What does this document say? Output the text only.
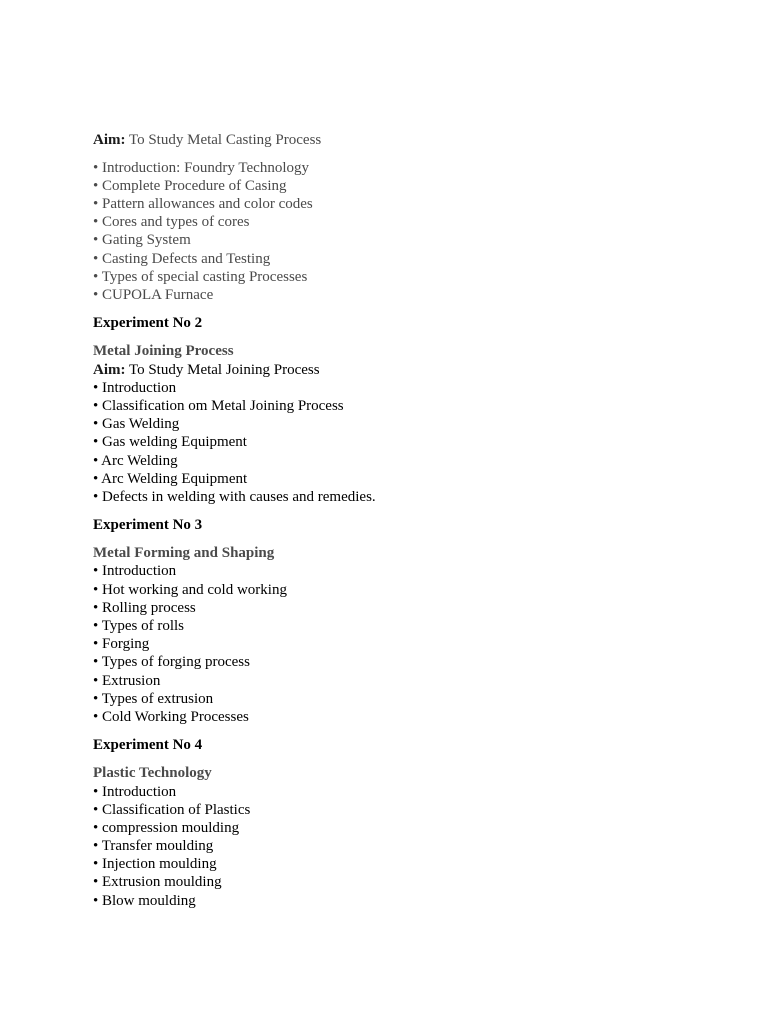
Aim: To Study Metal Casting Process
• Introduction: Foundry Technology
• Complete Procedure of Casing
• Pattern allowances and color codes
• Cores and types of cores
• Gating System
• Casting Defects and Testing
• Types of special casting Processes
• CUPOLA Furnace
Experiment No 2
Metal Joining Process
Aim: To Study Metal Joining Process
• Introduction
• Classification om Metal Joining Process
• Gas Welding
• Gas welding Equipment
• Arc Welding
• Arc Welding Equipment
• Defects in welding with causes and remedies.
Experiment No 3
Metal Forming and Shaping
• Introduction
• Hot working and cold working
• Rolling process
• Types of rolls
• Forging
• Types of forging process
• Extrusion
• Types of extrusion
• Cold Working Processes
Experiment No 4
Plastic Technology
• Introduction
• Classification of Plastics
• compression moulding
• Transfer moulding
• Injection moulding
• Extrusion moulding
• Blow moulding
